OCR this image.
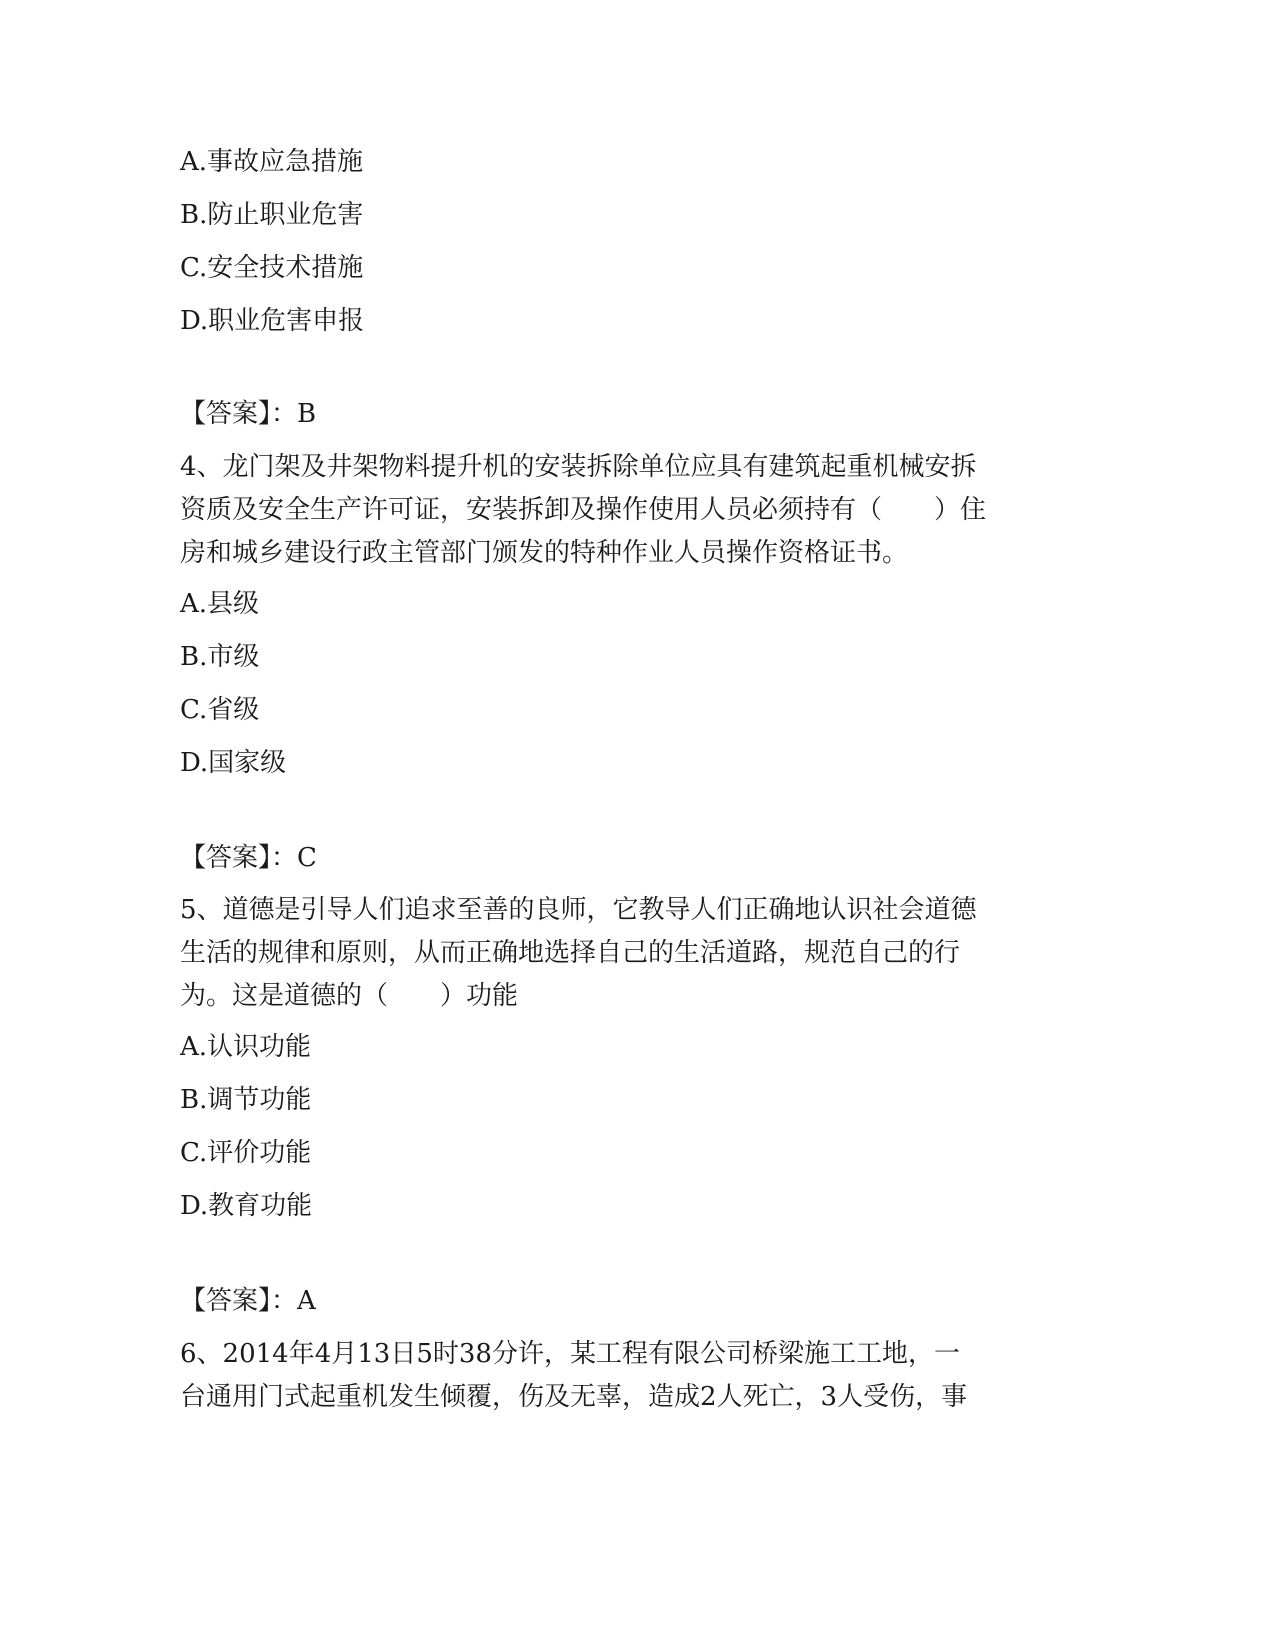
A.事故应急措施
B.防止职业危害
C.安全技术措施
D.职业危害申报
【答案】：B
4、龙门架及井架物料提升机的安装拆除单位应具有建筑起重机械安拆
资质及安全生产许可证，安装拆卸及操作使用人员必须持有（　　）住
房和城乡建设行政主管部门颁发的特种作业人员操作资格证书。
A.县级
B.市级
C.省级
D.国家级
【答案】：C
5、道德是引导人们追求至善的良师，它教导人们正确地认识社会道德
生活的规律和原则，从而正确地选择自己的生活道路，规范自己的行
为。这是道德的（　　）功能
A.认识功能
B.调节功能
C.评价功能
D.教育功能
【答案】：A
6、2014年4月13日5时38分许，某工程有限公司桥梁施工工地，一
台通用门式起重机发生倾覆，伤及无辜，造成2人死亡，3人受伤，事
